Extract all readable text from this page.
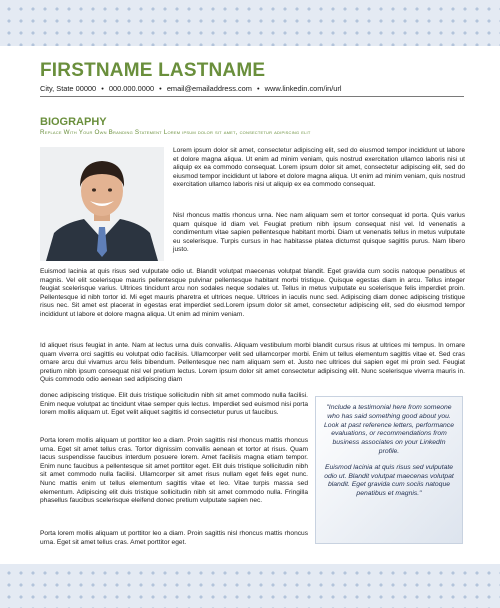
FIRSTNAME LASTNAME
City, State 00000 • 000.000.0000 • email@emailaddress.com • www.linkedin.com/in/url
BIOGRAPHY
Replace With Your Own Branding Statement Lorem ipsum dolor sit amet, consectetur adipiscing elit

Lorem ipsum dolor sit amet, consectetur adipiscing elit, sed do eiusmod tempor incididunt ut labore et dolore magna aliqua. Ut enim ad minim veniam, quis nostrud exercitation ullamco laboris nisi ut aliquip ex ea commodo consequat. Lorem ipsum dolor sit amet, consectetur adipiscing elit, sed do eiusmod tempor incididunt ut labore et dolore magna aliqua. Ut enim ad minim veniam, quis nostrud exercitation ullamco laboris nisi ut aliquip ex ea commodo consequat.

Nisl rhoncus mattis rhoncus urna. Nec nam aliquam sem et tortor consequat id porta. Quis varius quam quisque id diam vel. Feugiat pretium nibh ipsum consequat nisl vel. Id venenatis a condimentum vitae sapien pellentesque habitant morbi. Diam ut venenatis tellus in metus vulputate eu scelerisque. Turpis cursus in hac habitasse platea dictumst quisque sagittis purus. Nam libero justo.

Euismod lacinia at quis risus sed vulputate odio ut. Blandit volutpat maecenas volutpat blandit. Eget gravida cum sociis natoque penatibus et magnis. Vel elit scelerisque mauris pellentesque pulvinar pellentesque habitant morbi tristique. Quisque egestas diam in arcu. Tellus integer feugiat scelerisque varius. Ultrices tincidunt arcu non sodales neque sodales ut. Tellus in metus vulputate eu scelerisque felis imperdiet proin. Pellentesque id nibh tortor id. Mi eget mauris pharetra et ultrices neque. Ultrices in iaculis nunc sed. Adipiscing diam donec adipiscing tristique risus nec. Sit amet est placerat in egestas erat imperdiet sed.Lorem ipsum dolor sit amet, consectetur adipiscing elit, sed do eiusmod tempor incididunt ut labore et dolore magna aliqua. Ut enim ad minim veniam.

Id aliquet risus feugiat in ante. Nam at lectus urna duis convallis. Aliquam vestibulum morbi blandit cursus risus at ultrices mi tempus. In ornare quam viverra orci sagittis eu volutpat odio facilisis. Ullamcorper velit sed ullamcorper morbi. Enim ut tellus elementum sagittis vitae et. Sed cras ornare arcu dui vivamus arcu felis bibendum. Pellentesque nec nam aliquam sem et. Justo nec ultrices dui sapien eget mi proin sed. Feugiat pretium nibh ipsum consequat nisl vel pretium lectus. Lorem ipsum dolor sit amet consectetur adipiscing elit. Nunc scelerisque viverra mauris in. Quis commodo odio aenean sed adipiscing diam

donec adipiscing tristique. Elit duis tristique sollicitudin nibh sit amet commodo nulla facilisi. Enim neque volutpat ac tincidunt vitae semper quis lectus. Imperdiet sed euismod nisi porta lorem mollis aliquam ut. Eget velit aliquet sagittis id consectetur purus ut faucibus.

Porta lorem mollis aliquam ut porttitor leo a diam. Proin sagittis nisl rhoncus mattis rhoncus urna. Eget sit amet tellus cras. Tortor dignissim convallis aenean et tortor at risus. Quam lacus suspendisse faucibus interdum posuere lorem. Amet facilisis magna etiam tempor. Enim nunc faucibus a pellentesque sit amet porttitor eget. Elit duis tristique sollicitudin nibh sit amet commodo nulla facilisi. Ullamcorper sit amet risus nullam eget felis eget nunc. Nunc mattis enim ut tellus elementum sagittis vitae et leo. Vitae turpis massa sed elementum. Adipiscing elit duis tristique sollicitudin nibh sit amet commodo nulla. Fringilla phasellus faucibus scelerisque eleifend donec pretium vulputate sapien nec.

Porta lorem mollis aliquam ut porttitor leo a diam. Proin sagittis nisl rhoncus mattis rhoncus urna. Eget sit amet tellus cras. Amet porttitor eget.

"Include a testimonial here from someone who has said something good about you. Look at past reference letters, performance evaluations, or recommendations from business associates on your LinkedIn profile.

Euismod lacinia at quis risus sed vulputate odio ut. Blandit volutpat maecenas volutpat blandit. Eget gravida cum sociis natoque penatibus et magnis."
